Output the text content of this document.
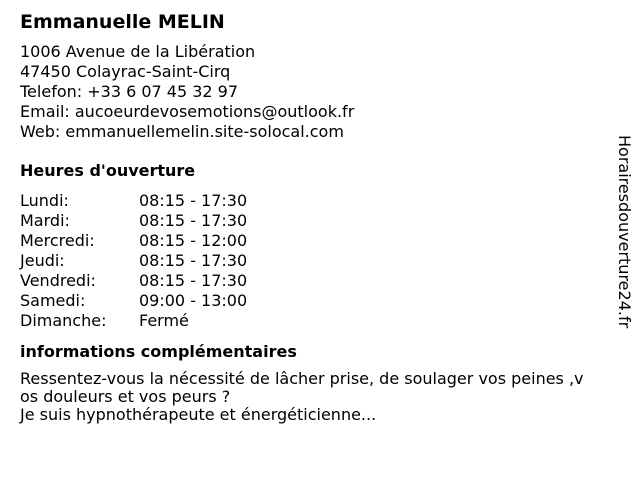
Emmanuelle MELIN
1006 Avenue de la Libération
47450 Colayrac-Saint-Cirq
Telefon: +33 6 07 45 32 97
Email: aucoeurdevosemotions@outlook.fr
Web: emmanuellemelin.site-solocal.com
Heures d'ouverture
Lundi:	08:15 - 17:30
Mardi:	08:15 - 17:30
Mercredi:	08:15 - 12:00
Jeudi:	08:15 - 17:30
Vendredi:	08:15 - 17:30
Samedi:	09:00 - 13:00
Dimanche:	Fermé
informations complémentaires
Ressentez-vous la nécessité de lâcher prise, de soulager vos peines ,v
os douleurs et vos peurs ?
Je suis hypnothérapeute et énergéticienne...
Horairesdouverture24.fr
